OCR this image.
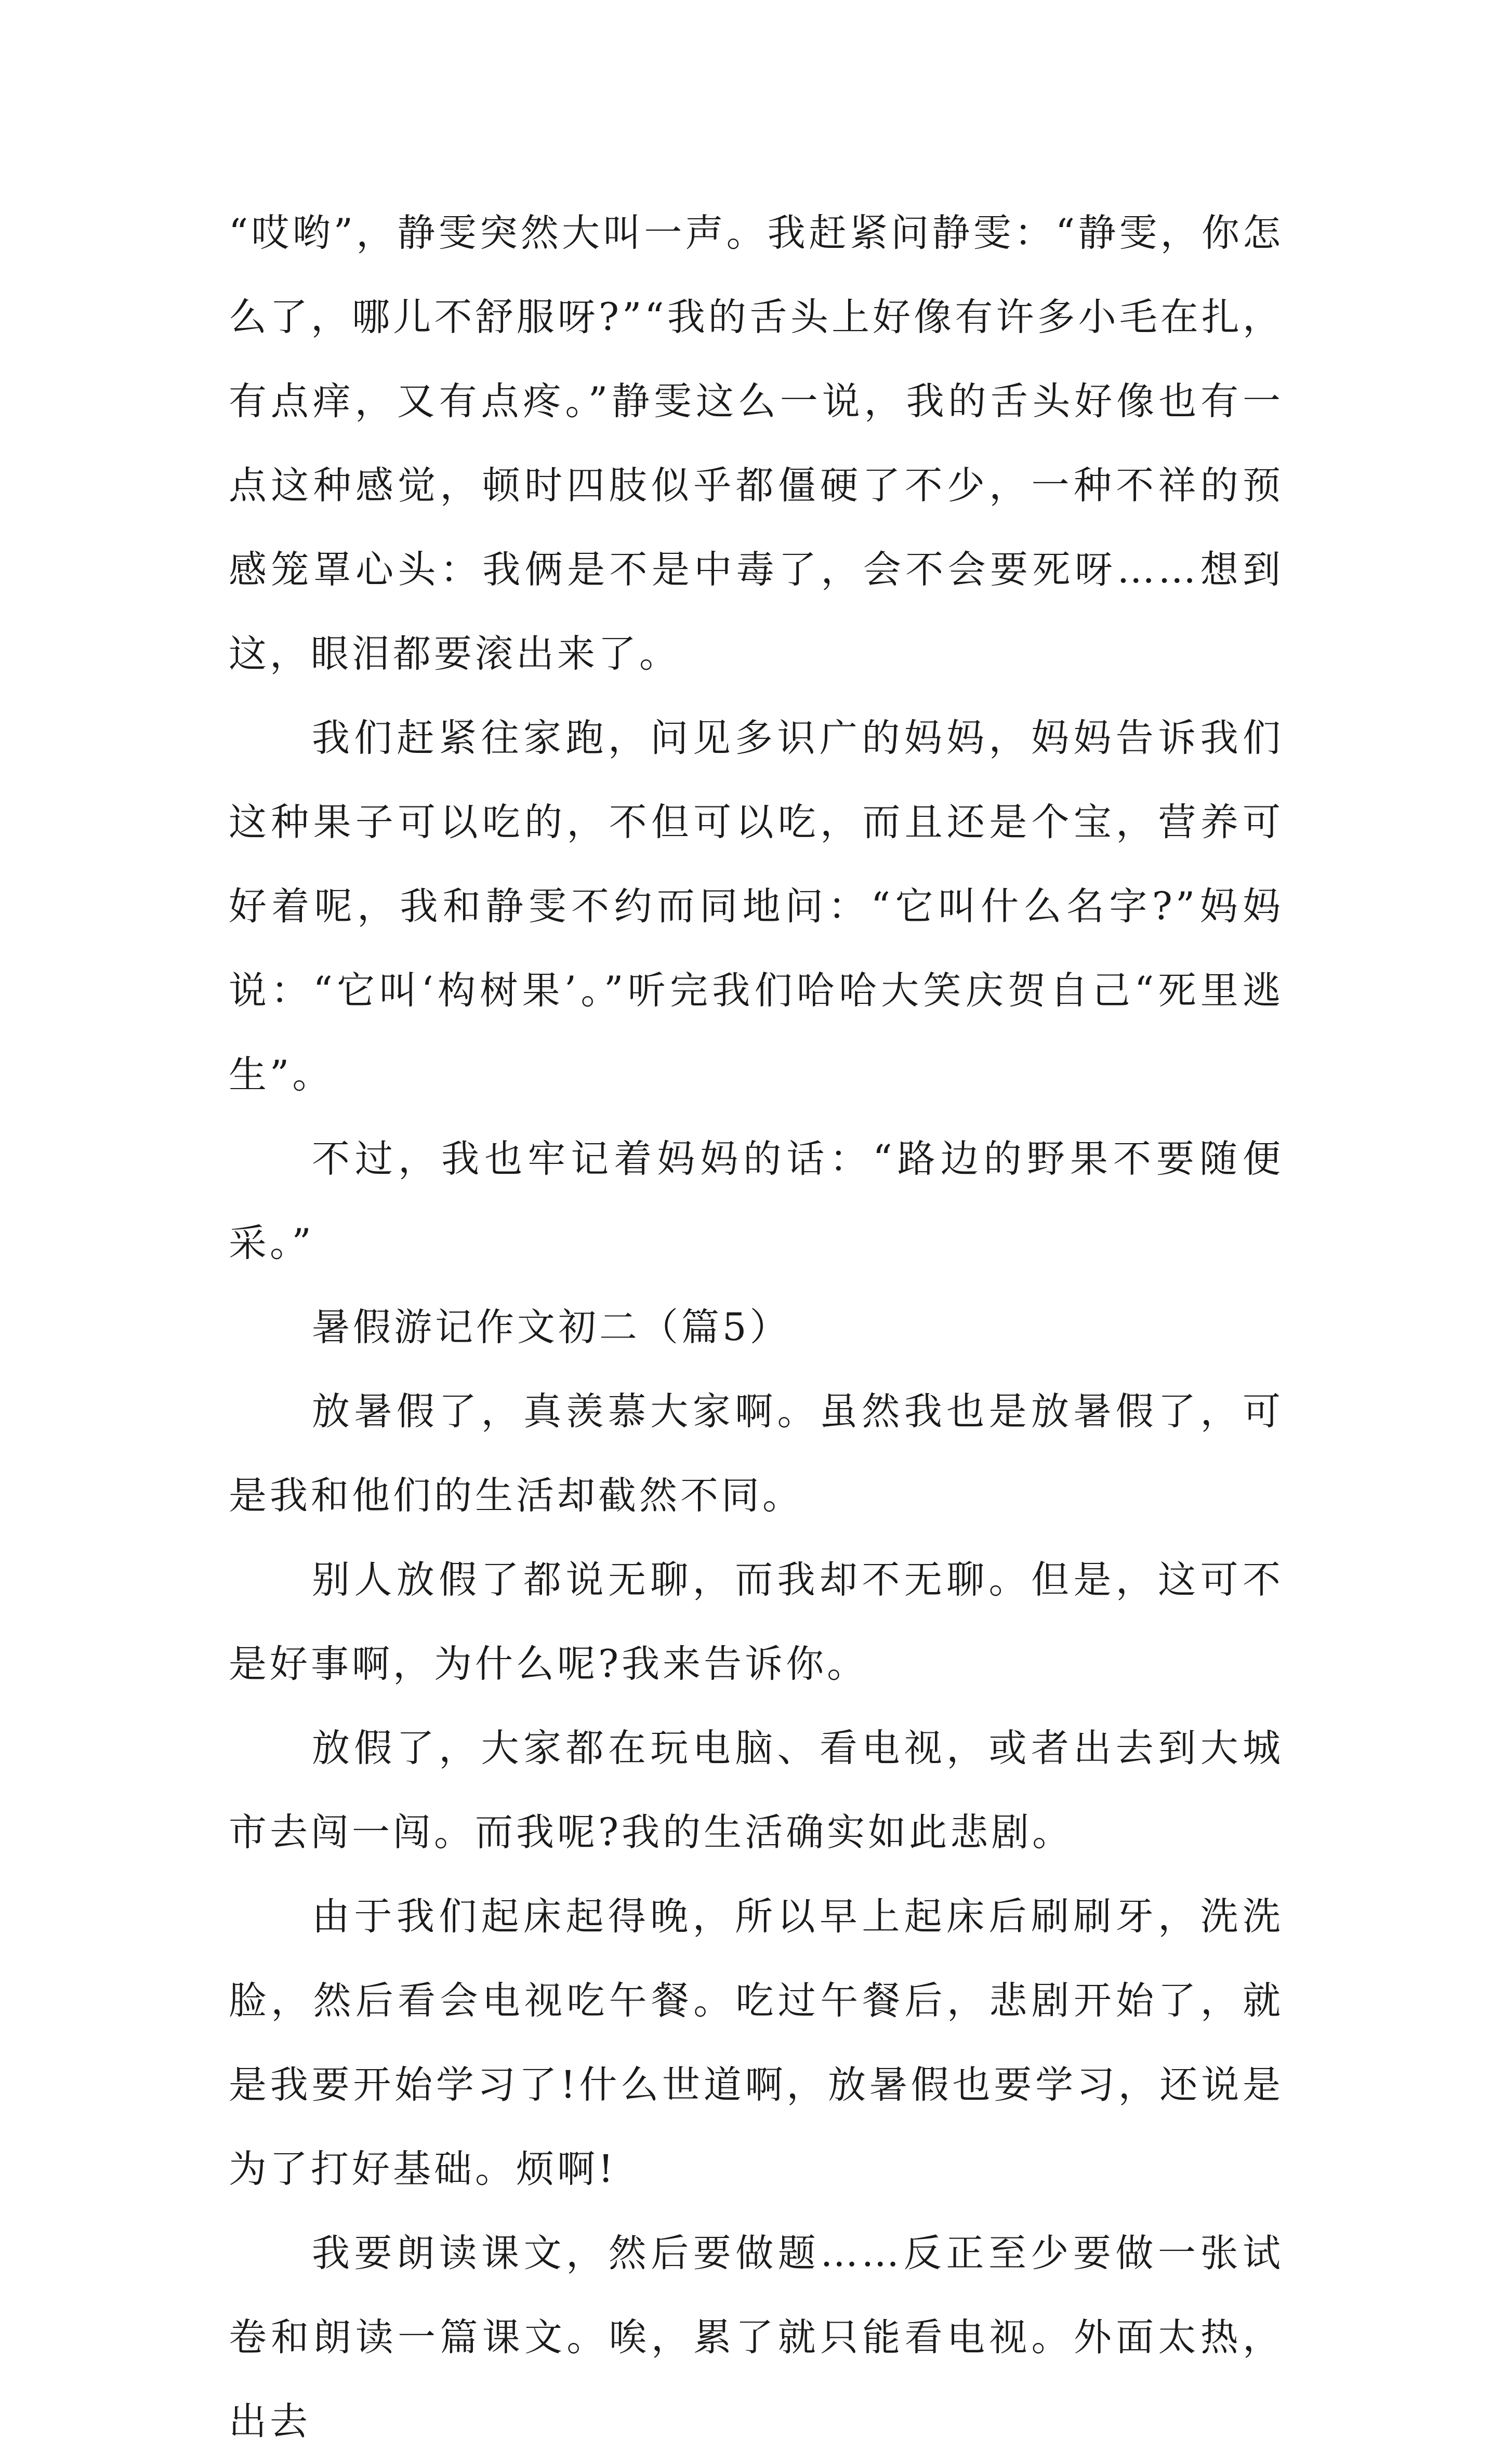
“哎哟”，静雯突然大叫一声。我赶紧问静雯：“静雯，你怎么了，哪儿不舒服呀?”“我的舌头上好像有许多小毛在扎，有点痒，又有点疼。”静雯这么一说，我的舌头好像也有一点这种感觉，顿时四肢似乎都僵硬了不少，一种不祥的预感笼罩心头：我俩是不是中毒了，会不会要死呀……想到这，眼泪都要滚出来了。

我们赶紧往家跑，问见多识广的妈妈，妈妈告诉我们这种果子可以吃的，不但可以吃，而且还是个宝，营养可好着呢，我和静雯不约而同地问：“它叫什么名字?”妈妈说：“它叫‘构树果’。”听完我们哈哈大笑庆贺自己“死里逃生”。

不过，我也牢记着妈妈的话：“路边的野果不要随便采。”

暑假游记作文初二（篇5）

放暑假了，真羡慕大家啊。虽然我也是放暑假了，可是我和他们的生活却截然不同。

别人放假了都说无聊，而我却不无聊。但是，这可不是好事啊，为什么呢?我来告诉你。

放假了，大家都在玩电脑、看电视，或者出去到大城市去闯一闯。而我呢?我的生活确实如此悲剧。

由于我们起床起得晚，所以早上起床后刷刷牙，洗洗脸，然后看会电视吃午餐。吃过午餐后，悲剧开始了，就是我要开始学习了!什么世道啊，放暑假也要学习，还说是为了打好基础。烦啊!

我要朗读课文，然后要做题……反正至少要做一张试卷和朗读一篇课文。唉，累了就只能看电视。外面太热，出去
